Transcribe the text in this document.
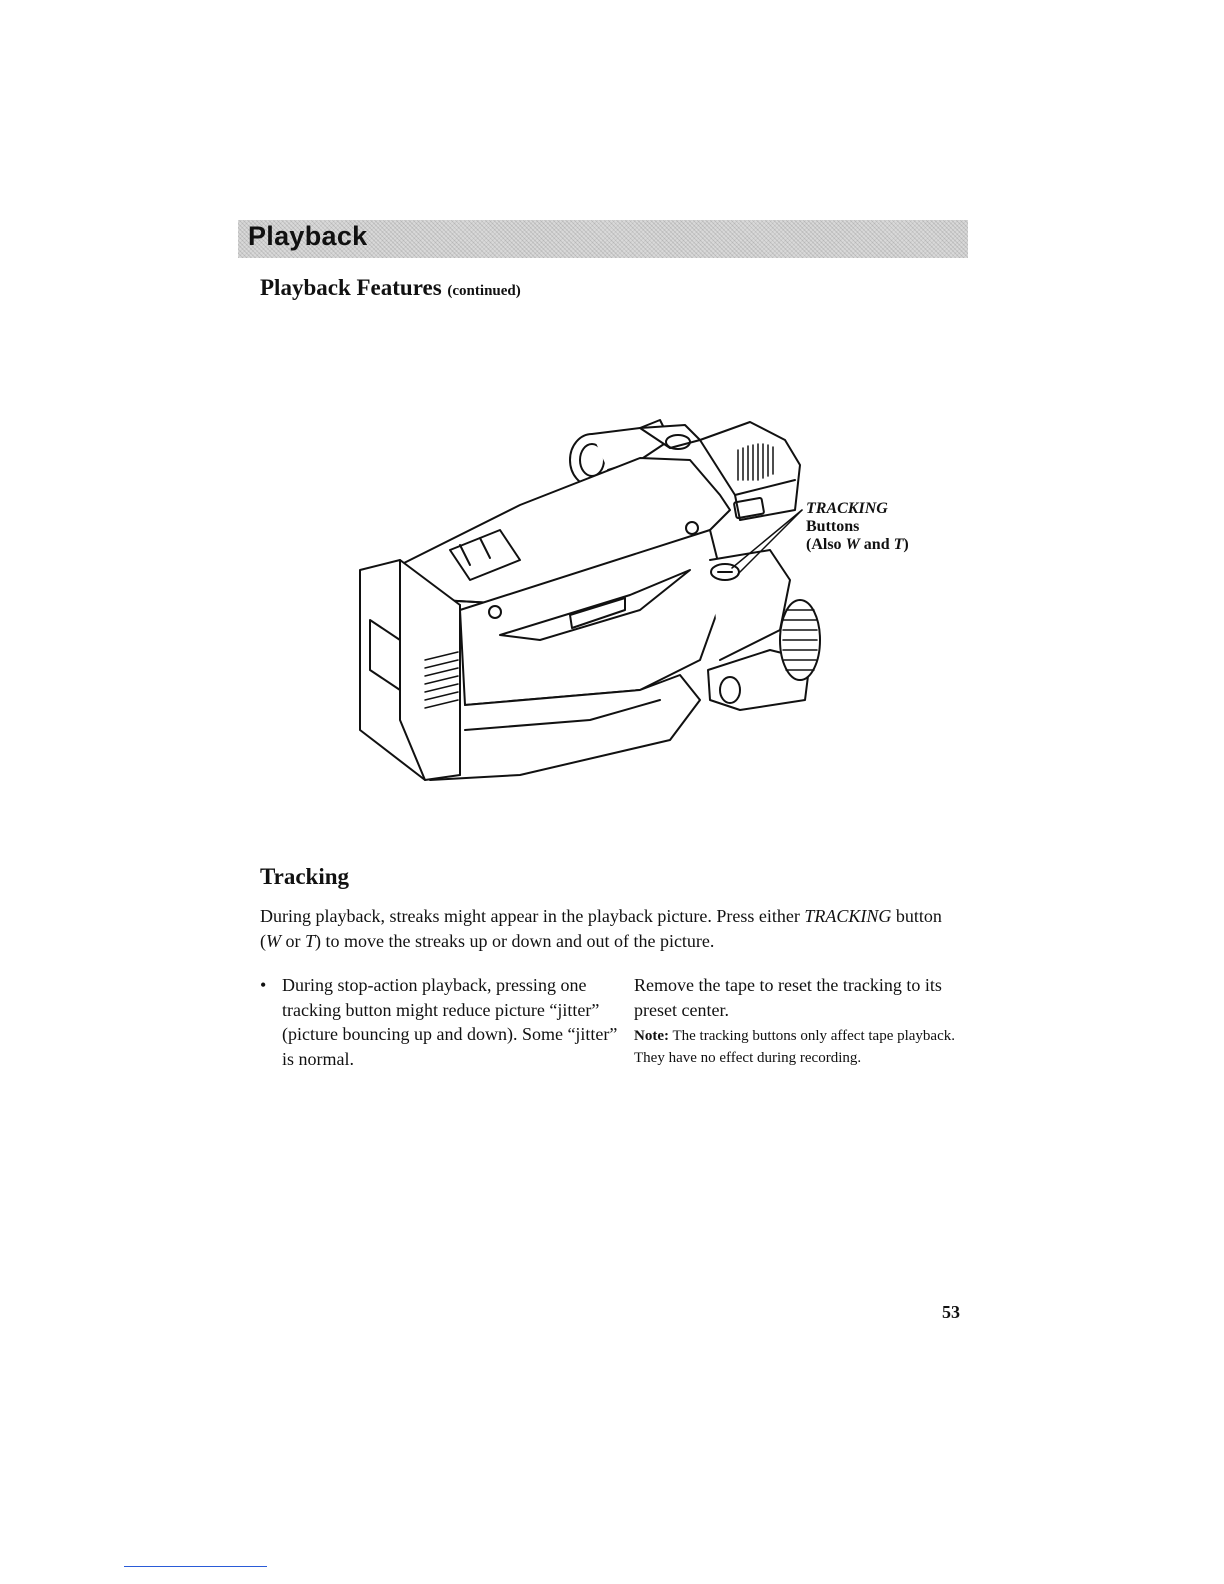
Playback
Playback Features (continued)
TRACKING
Buttons
(Also W and T)
Tracking
During playback, streaks might appear in the playback picture. Press either TRACKING button (W or T) to move the streaks up or down and out of the picture.
• During stop-action playback, pressing one tracking button might reduce picture “jitter” (picture bouncing up and down). Some “jitter” is normal.
Remove the tape to reset the tracking to its preset center.
Note: The tracking buttons only affect tape playback. They have no effect during recording.
53
